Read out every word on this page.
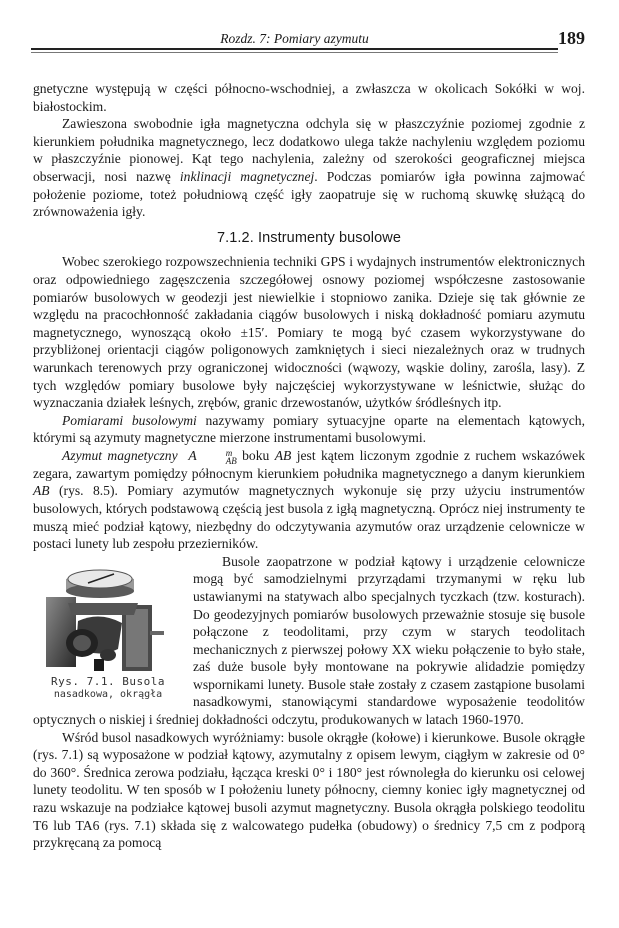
Rozdz. 7: Pomiary azymutu	189

gnetyczne występują w części północno-wschodniej, a zwłaszcza w okolicach Sokółki w woj. białostockim.

Zawieszona swobodnie igła magnetyczna odchyla się w płaszczyźnie poziomej zgodnie z kierunkiem południka magnetycznego, lecz dodatkowo ulega także nachyleniu względem poziomu w płaszczyźnie pionowej. Kąt tego nachylenia, zależny od szerokości geograficznej miejsca obserwacji, nosi nazwę inklinacji magnetycznej. Podczas pomiarów igła powinna zajmować położenie poziome, toteż południową część igły zaopatruje się w ruchomą skuwkę służącą do zrównoważenia igły.

7.1.2. Instrumenty busolowe

Wobec szerokiego rozpowszechnienia techniki GPS i wydajnych instrumentów elektronicznych oraz odpowiedniego zagęszczenia szczegółowej osnowy poziomej współczesne zastosowanie pomiarów busolowych w geodezji jest niewielkie i stopniowo zanika. Dzieje się tak głównie ze względu na pracochłonność zakładania ciągów busolowych i niską dokładność pomiaru azymutu magnetycznego, wynoszącą około ±15′. Pomiary te mogą być czasem wykorzystywane do przybliżonej orientacji ciągów poligonowych zamkniętych i sieci niezależnych oraz w trudnych warunkach terenowych przy ograniczonej widoczności (wąwozy, wąskie doliny, zarośla, lasy). Z tych względów pomiary busolowe były najczęściej wykorzystywane w leśnictwie, służąc do wyznaczania działek leśnych, zrębów, granic drzewostanów, użytków śródleśnych itp.

Pomiarami busolowymi nazywamy pomiary sytuacyjne oparte na elementach kątowych, którymi są azymuty magnetyczne mierzone instrumentami busolowymi.

Azymut magnetyczny A	m
AB boku AB jest kątem liczonym zgodnie z ruchem wskazówek zegara, zawartym pomiędzy północnym kierunkiem południka magnetycznego a danym kierunkiem AB (rys. 8.5). Pomiary azymutów magnetycznych wykonuje się przy użyciu instrumentów busolowych, których podstawową częścią jest busola z igłą magnetyczną. Oprócz niej instrumenty te muszą mieć podział kątowy, niezbędny do odczytywania azymutów oraz urządzenie celownicze w postaci lunety lub zespołu przezierników.

Rys. 7.1. Busola
nasadkowa, okrągła

Busole zaopatrzone w podział kątowy i urządzenie celownicze mogą być samodzielnymi przyrządami trzymanymi w ręku lub ustawianymi na statywach albo specjalnych tyczkach (tzw. kosturach). Do geodezyjnych pomiarów busolowych przeważnie stosuje się busole połączone z teodolitami, przy czym w starych teodolitach mechanicznych z pierwszej połowy XX wieku połączenie to było stałe, zaś duże busole były montowane na pokrywie alidadzie pomiędzy wspornikami lunety. Busole stałe zostały z czasem zastąpione busolami nasadkowymi, stanowiącymi standardowe wyposażenie teodolitów optycznych o niskiej i średniej dokładności odczytu, produkowanych w latach 1960-1970.

Wśród busol nasadkowych wyróżniamy: busole okrągłe (kołowe) i kierunkowe. Busole okrągłe (rys. 7.1) są wyposażone w podział kątowy, azymutalny z opisem lewym, ciągłym w zakresie od 0° do 360°. Średnica zerowa podziału, łącząca kreski 0° i 180° jest równoległa do kierunku osi celowej lunety teodolitu. W ten sposób w I położeniu lunety północny, ciemny koniec igły magnetycznej od razu wskazuje na podziałce kątowej busoli azymut magnetyczny. Busola okrągła polskiego teodolitu T6 lub TA6 (rys. 7.1) składa się z walcowatego pudełka (obudowy) o średnicy 7,5 cm z podporą przykręcaną za pomocą
